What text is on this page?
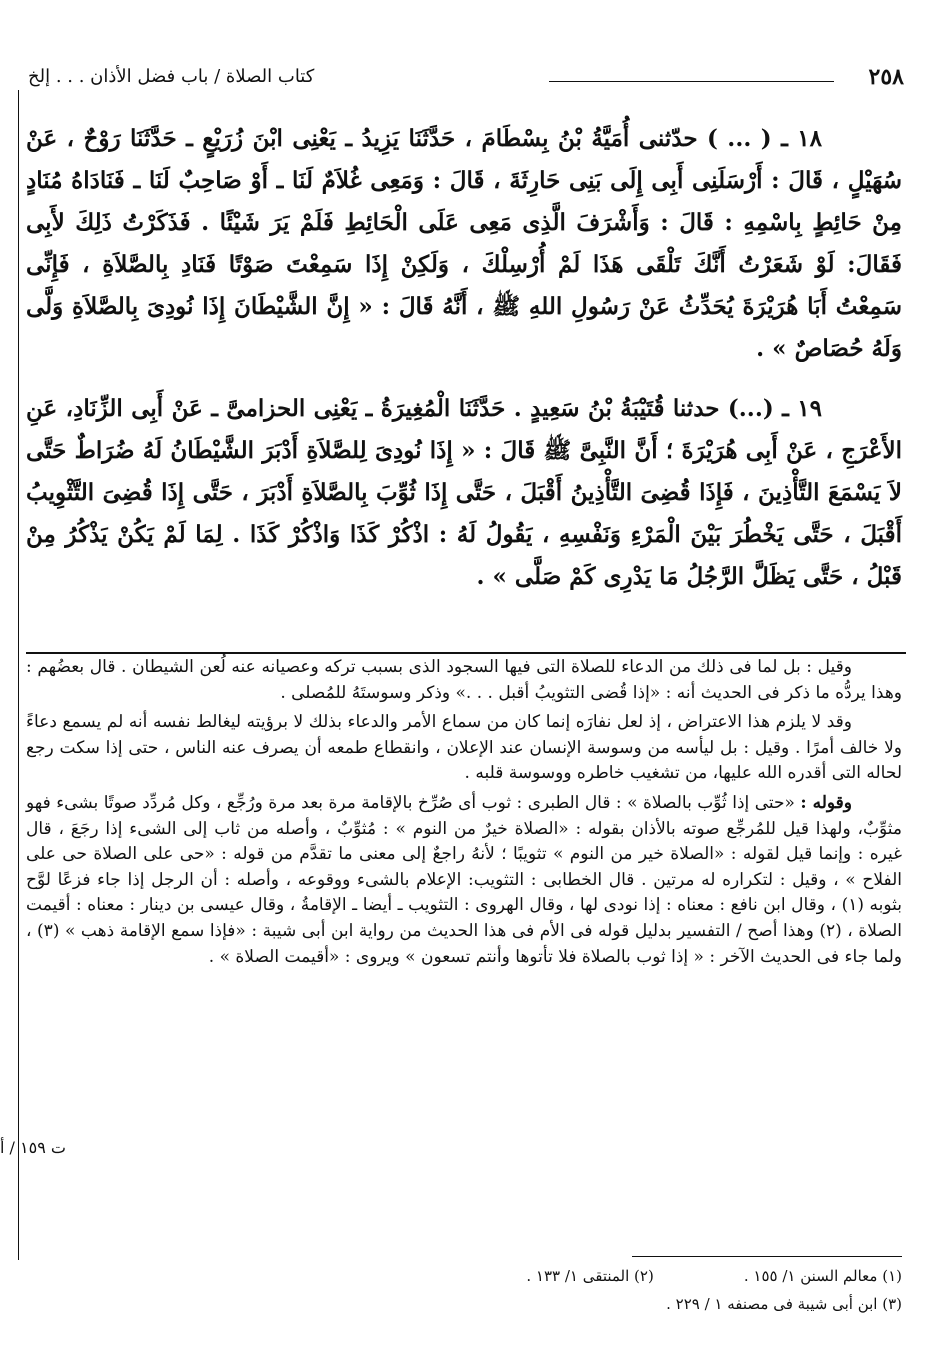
٢٥٨
كتاب الصلاة / باب فضل الأذان . . . إلخ

١٨ ـ ( ... ) حدّثنى أُمَيَّةُ بْنُ بِسْطَامَ ، حَدَّثَنَا يَزِيدُ ـ يَعْنِى ابْنَ زُرَيْعٍ ـ حَدَّثَنَا رَوْحٌ ، عَنْ سُهَيْلٍ ، قَالَ : أَرْسَلَنِى أَبِى إِلَى بَنِى حَارِثَةَ ، قَالَ : وَمَعِى غُلاَمٌ لَنَا ـ أَوْ صَاحِبٌ لَنَا ـ فَنَادَاهُ مُنَادٍ مِنْ حَائِطٍ بِاسْمِهِ : قَالَ : وَأَشْرَفَ الَّذِى مَعِى عَلَى الْحَائِطِ فَلَمْ يَرَ شَيْئًا . فَذَكَرْتُ ذَلِكَ لأَبِى فَقَالَ: لَوْ شَعَرْتُ أَنَّكَ تَلْقَى هَذَا لَمْ أُرْسِلْكَ ، وَلَكِنْ إِذَا سَمِعْتَ صَوْتًا فَنَادِ بِالصَّلاَةِ ، فَإِنِّى سَمِعْتُ أَبَا هُرَيْرَةَ يُحَدِّثُ عَنْ رَسُولِ اللهِ ﷺ ، أَنَّهُ قَالَ : « إِنَّ الشَّيْطَانَ إِذَا نُودِىَ بِالصَّلاَةِ وَلَّى وَلَهُ حُصَاصٌ » .

١٩ ـ (...) حدثنا قُتَيْبَةُ بْنُ سَعِيدٍ . حَدَّثَنَا الْمُغِيرَةُ ـ يَعْنِى الحزامىَّ ـ عَنْ أَبِى الزِّنَادِ، عَنِ الأَعْرَجِ ، عَنْ أَبِى هُرَيْرَةَ ؛ أَنَّ النَّبِىَّ ﷺ قَالَ : « إِذَا نُودِىَ لِلصَّلاَةِ أَدْبَرَ الشَّيْطَانُ لَهُ ضُرَاطٌ حَتَّى لاَ يَسْمَعَ التَّأْذِينَ ، فَإِذَا قُضِىَ التَّأْذِينُ أَقْبَلَ ، حَتَّى إِذَا ثُوِّبَ بِالصَّلاَةِ أَدْبَرَ ، حَتَّى إِذَا قُضِىَ التَّثْوِيبُ أَقْبَلَ ، حَتَّى يَخْطُرَ بَيْنَ الْمَرْءِ وَنَفْسِهِ ، يَقُولُ لَهُ : اذْكُرْ كَذَا وَاذْكُرْ كَذَا . لِمَا لَمْ يَكُنْ يَذْكُرُ مِنْ قَبْلُ ، حَتَّى يَظَلَّ الرَّجُلُ مَا يَدْرِى كَمْ صَلَّى » .

وقيل : بل لما فى ذلك من الدعاء للصلاة التى فيها السجود الذى بسبب تركه وعصيانه عنه لُعن الشيطان . قال بعضُهم : وهذا يردُّه ما ذكر فى الحديث أنه : «إذا قُضى التثويبُ أقبل . . .» وذكر وسوستَهُ للمُصلى .

وقد لا يلزم هذا الاعتراض ، إذ لعل نفارَه إنما كان من سماع الأمر والدعاء بذلك لا برؤيته ليغالط نفسه أنه لم يسمع دعاءً ولا خالف أمرًا . وقيل : بل ليأسه من وسوسة الإنسان عند الإعلان ، وانقطاع طمعه أن يصرف عنه الناس ، حتى إذا سكت رجع لحاله التى أقدره الله عليها، من تشغيب خاطره ووسوسة قلبه .

وقوله : «حتى إذا ثُوِّب بالصلاة » : قال الطبرى : ثوب أى صُرِّخ بالإقامة مرة بعد مرة ورُجِّع ، وكل مُردِّد صوتًا بشىء فهو مثوِّبٌ، ولهذا قيل للمُرجِّع صوته بالأذان بقوله : «الصلاة خيرٌ من النوم » : مُثوِّبٌ ، وأصله من ثاب إلى الشىء إذا رجَعَ ، قال غيره : وإنما قيل لقوله : «الصلاة خير من النوم » تثويبًا ؛ لأنهُ راجعٌ إلى معنى ما تقدَّم من قوله : «حى على الصلاة حى على الفلاح » ، وقيل : لتكراره له مرتين . قال الخطابى : التثويب: الإعلام بالشىء ووقوعه ، وأصله : أن الرجل إذا جاء فزعًا لوَّح بثوبه (١) ، وقال ابن نافع : معناه : إذا نودى لها ، وقال الهروى : التثويب ـ أيضا ـ الإقامةُ ، وقال عيسى بن دينار : معناه : أقيمت الصلاة ، (٢) وهذا أصح / التفسير بدليل قوله فى الأم فى هذا الحديث من رواية ابن أبى شيبة : «فإذا سمع الإقامة ذهب » (٣) ، ولما جاء فى الحديث الآخر : « إذا ثوب بالصلاة فلا تأتوها وأنتم تسعون » ويروى : «أقيمت الصلاة » .

ت ١٥٩ / أ
(١) معالم السنن ١/ ١٥٥ .
(٢) المنتقى ١/ ١٣٣ .
(٣) ابن أبى شيبة فى مصنفه ١ / ٢٢٩ .
